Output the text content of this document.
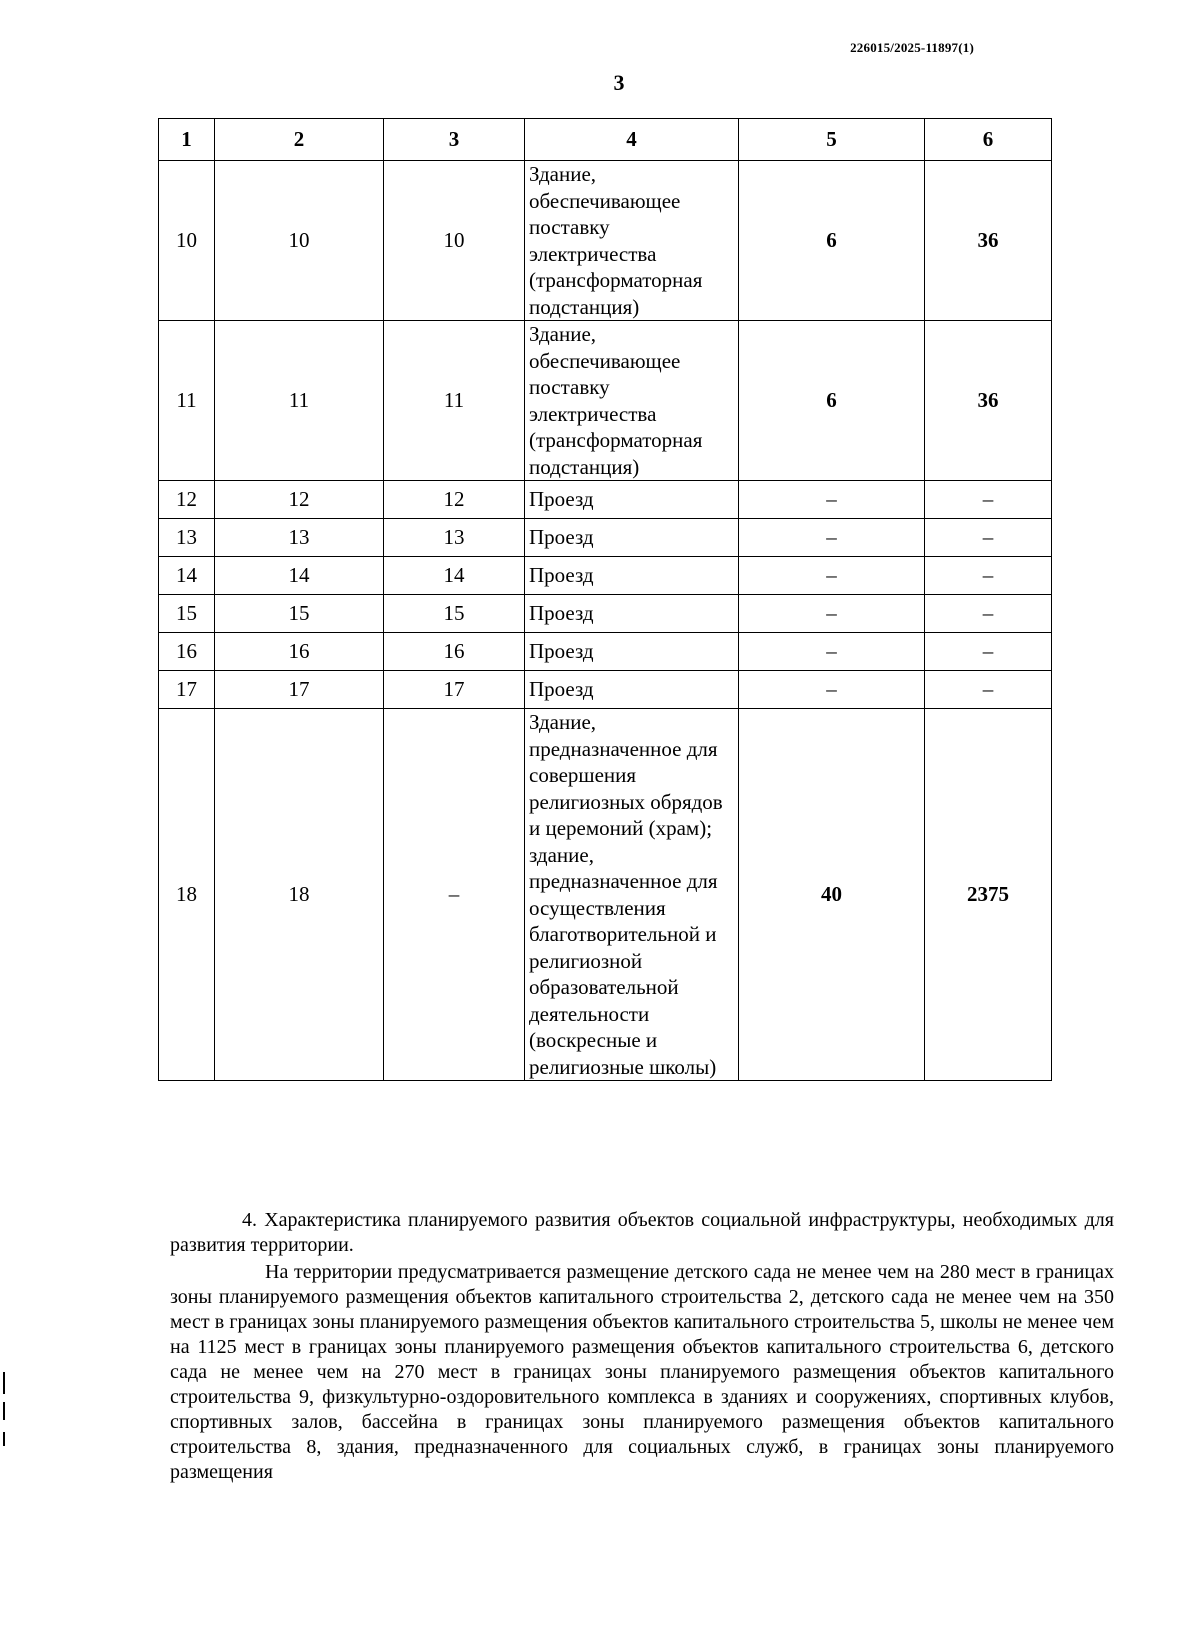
226015/2025-11897(1)
3
1	2	3	4	5	6
10	10	10	Здание, обеспечивающее поставку электричества (трансформаторная подстанция)	6	36
11	11	11	Здание, обеспечивающее поставку электричества (трансформаторная подстанция)	6	36
12	12	12	Проезд	–	–
13	13	13	Проезд	–	–
14	14	14	Проезд	–	–
15	15	15	Проезд	–	–
16	16	16	Проезд	–	–
17	17	17	Проезд	–	–
18	18	–	Здание, предназначенное для совершения религиозных обрядов и церемоний (храм); здание, предназначенное для осуществления благотворительной и религиозной образовательной деятельности (воскресные и религиозные школы)	40	2375
4. Характеристика планируемого развития объектов социальной инфраструктуры, необходимых для развития территории.
На территории предусматривается размещение детского сада не менее чем на 280 мест в границах зоны планируемого размещения объектов капитального строительства 2, детского сада не менее чем на 350 мест в границах зоны планируемого размещения объектов капитального строительства 5, школы не менее чем на 1125 мест в границах зоны планируемого размещения объектов капитального строительства 6, детского сада не менее чем на 270 мест в границах зоны планируемого размещения объектов капитального строительства 9, физкультурно-оздоровительного комплекса в зданиях и сооружениях, спортивных клубов, спортивных залов, бассейна в границах зоны планируемого размещения объектов капитального строительства 8, здания, предназначенного для социальных служб, в границах зоны планируемого размещения
